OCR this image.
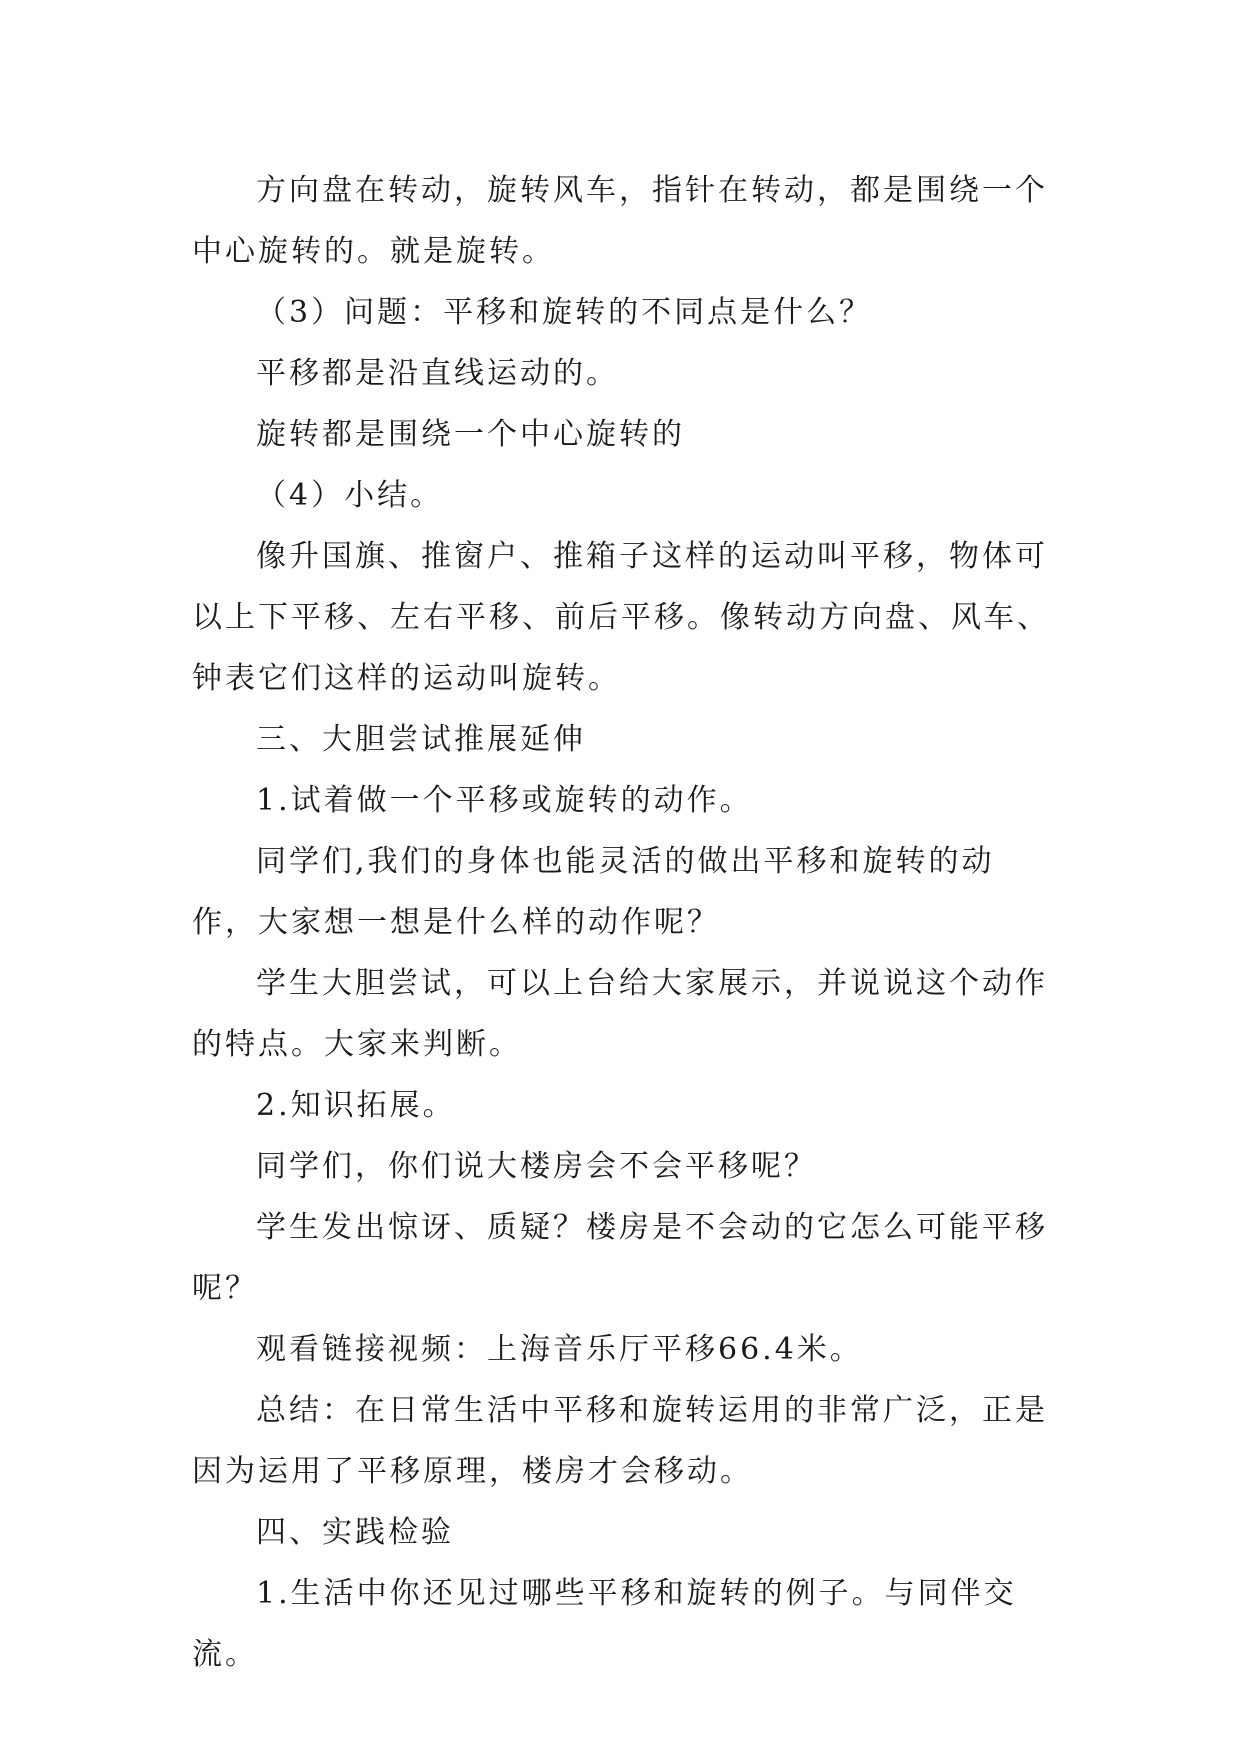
方向盘在转动，旋转风车，指针在转动，都是围绕一个中心旋转的。就是旋转。

（3）问题：平移和旋转的不同点是什么？

平移都是沿直线运动的。

旋转都是围绕一个中心旋转的

（4）小结。

像升国旗、推窗户、推箱子这样的运动叫平移，物体可以上下平移、左右平移、前后平移。像转动方向盘、风车、钟表它们这样的运动叫旋转。

三、大胆尝试推展延伸

1.试着做一个平移或旋转的动作。

同学们,我们的身体也能灵活的做出平移和旋转的动作，大家想一想是什么样的动作呢？

学生大胆尝试，可以上台给大家展示，并说说这个动作的特点。大家来判断。

2.知识拓展。

同学们，你们说大楼房会不会平移呢？

学生发出惊讶、质疑？楼房是不会动的它怎么可能平移呢？

观看链接视频：上海音乐厅平移66.4米。

总结：在日常生活中平移和旋转运用的非常广泛，正是因为运用了平移原理，楼房才会移动。

四、实践检验

1.生活中你还见过哪些平移和旋转的例子。与同伴交流。
